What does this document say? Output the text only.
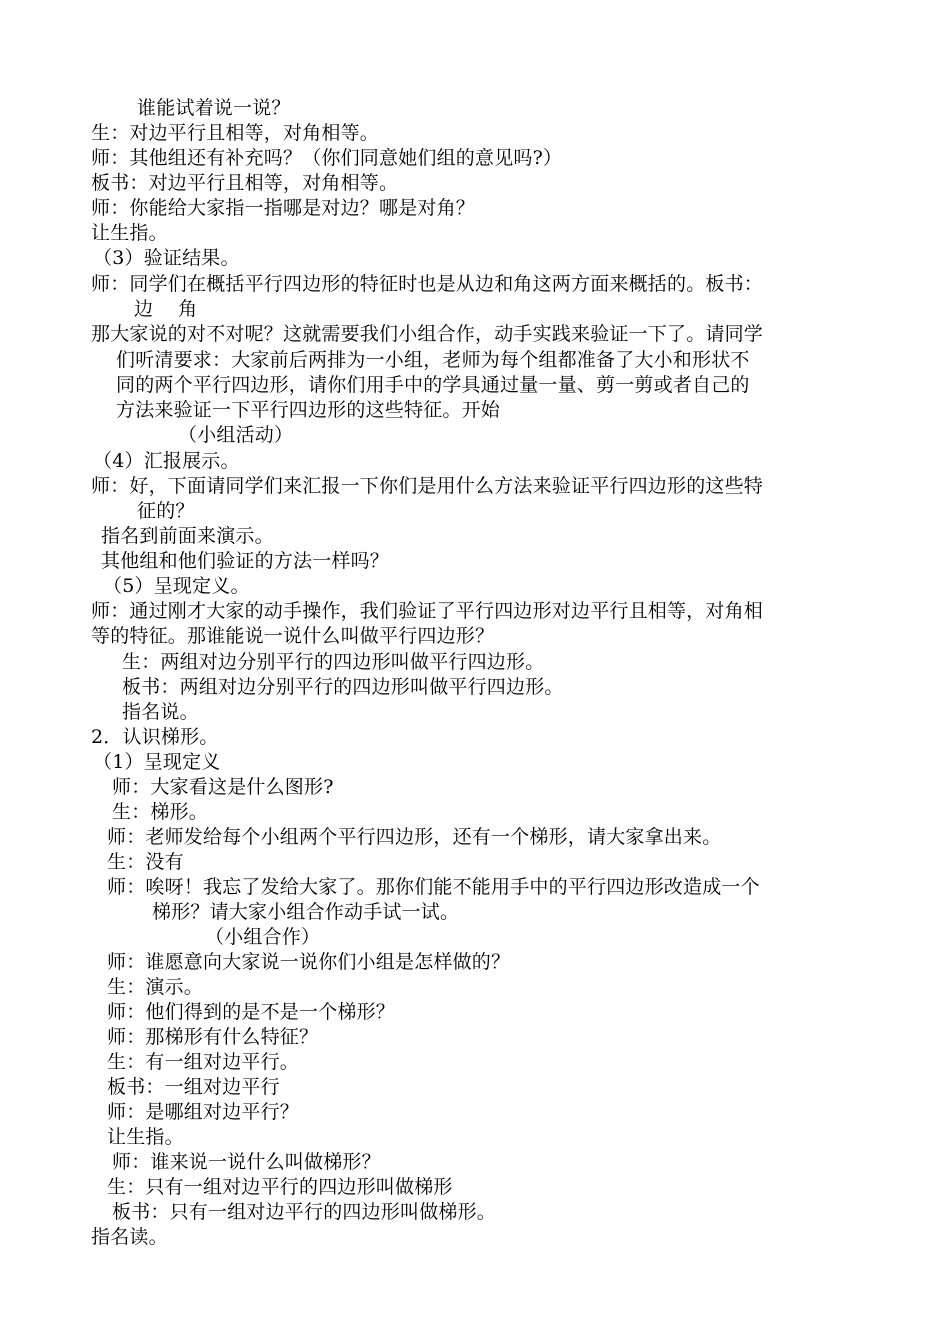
谁能试着说一说？
生：对边平行且相等，对角相等。
师：其他组还有补充吗？（你们同意她们组的意见吗?）
板书：对边平行且相等，对角相等。
师：你能给大家指一指哪是对边？哪是对角？
让生指。
（3）验证结果。
师：同学们在概括平行四边形的特征时也是从边和角这两方面来概括的。板书：
边    角
那大家说的对不对呢？这就需要我们小组合作，动手实践来验证一下了。请同学
们听清要求：大家前后两排为一小组，老师为每个组都准备了大小和形状不
同的两个平行四边形，请你们用手中的学具通过量一量、剪一剪或者自己的
方法来验证一下平行四边形的这些特征。开始
（小组活动）
（4）汇报展示。
师：好，下面请同学们来汇报一下你们是用什么方法来验证平行四边形的这些特
征的？
指名到前面来演示。
其他组和他们验证的方法一样吗？
（5）呈现定义。
师：通过刚才大家的动手操作，我们验证了平行四边形对边平行且相等，对角相
等的特征。那谁能说一说什么叫做平行四边形？
生：两组对边分别平行的四边形叫做平行四边形。
板书：两组对边分别平行的四边形叫做平行四边形。
指名说。
2．认识梯形。
（1）呈现定义
师：大家看这是什么图形?
生：梯形。
师：老师发给每个小组两个平行四边形，还有一个梯形，请大家拿出来。
生：没有
师：唉呀！我忘了发给大家了。那你们能不能用手中的平行四边形改造成一个
梯形？请大家小组合作动手试一试。
（小组合作）
师：谁愿意向大家说一说你们小组是怎样做的？
生：演示。
师：他们得到的是不是一个梯形？
师：那梯形有什么特征？
生：有一组对边平行。
板书：一组对边平行
师：是哪组对边平行？
让生指。
师：谁来说一说什么叫做梯形？
生：只有一组对边平行的四边形叫做梯形
板书：只有一组对边平行的四边形叫做梯形。
指名读。
